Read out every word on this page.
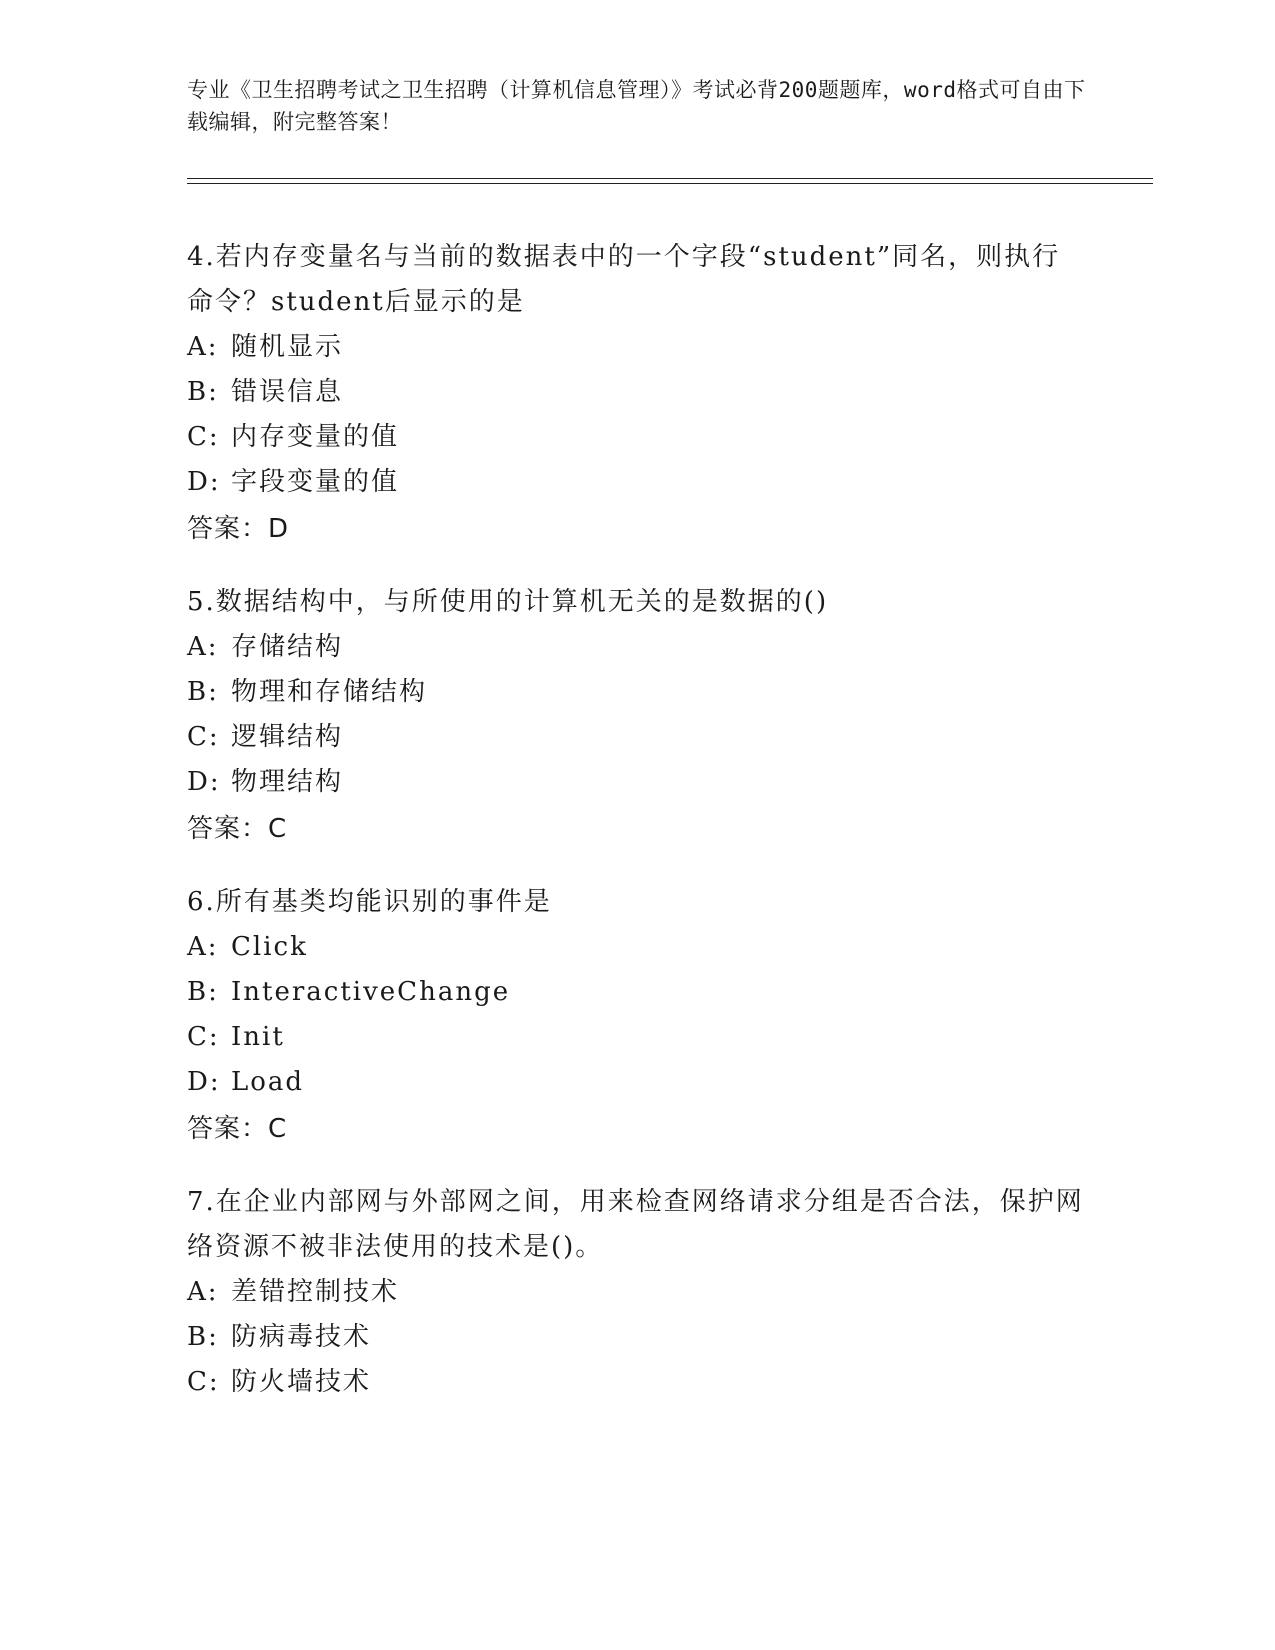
专业《卫生招聘考试之卫生招聘（计算机信息管理）》考试必背200题题库，word格式可自由下载编辑，附完整答案！
4.若内存变量名与当前的数据表中的一个字段“student”同名，则执行命令？student后显示的是
A: 随机显示
B: 错误信息
C: 内存变量的值
D: 字段变量的值
答案：D
5.数据结构中，与所使用的计算机无关的是数据的()
A: 存储结构
B: 物理和存储结构
C: 逻辑结构
D: 物理结构
答案：C
6.所有基类均能识别的事件是
A: Click
B: InteractiveChange
C: Init
D: Load
答案：C
7.在企业内部网与外部网之间，用来检查网络请求分组是否合法，保护网络资源不被非法使用的技术是()。
A: 差错控制技术
B: 防病毒技术
C: 防火墙技术
